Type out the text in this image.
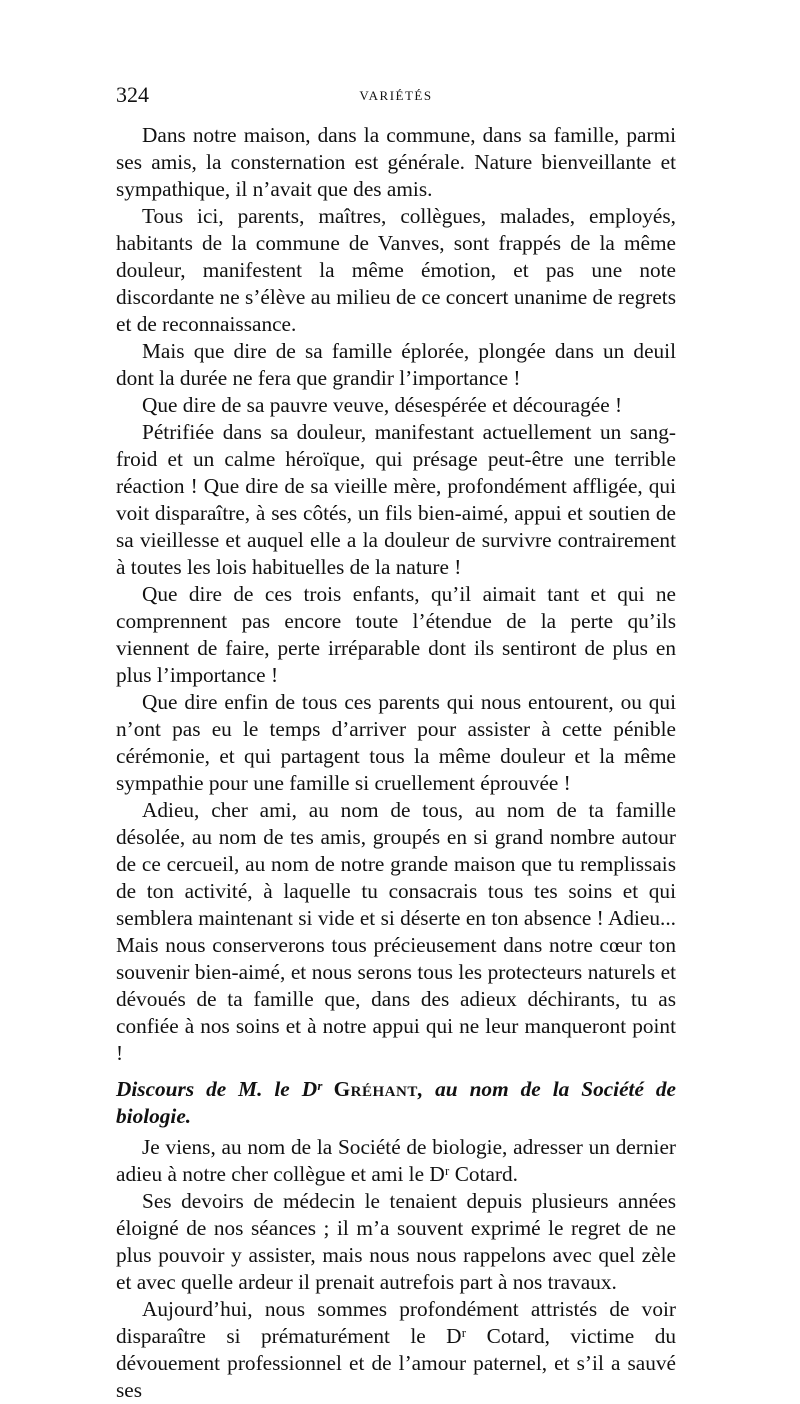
324	VARIÉTÉS

Dans notre maison, dans la commune, dans sa famille, parmi ses amis, la consternation est générale. Nature bienveillante et sympathique, il n’avait que des amis.

Tous ici, parents, maîtres, collègues, malades, employés, habitants de la commune de Vanves, sont frappés de la même douleur, manifestent la même émotion, et pas une note discordante ne s’élève au milieu de ce concert unanime de regrets et de reconnaissance.

Mais que dire de sa famille éplorée, plongée dans un deuil dont la durée ne fera que grandir l’importance !

Que dire de sa pauvre veuve, désespérée et découragée !

Pétrifiée dans sa douleur, manifestant actuellement un sang-froid et un calme héroïque, qui présage peut-être une terrible réaction ! Que dire de sa vieille mère, profondément affligée, qui voit disparaître, à ses côtés, un fils bien-aimé, appui et soutien de sa vieillesse et auquel elle a la douleur de survivre contrairement à toutes les lois habituelles de la nature !

Que dire de ces trois enfants, qu’il aimait tant et qui ne comprennent pas encore toute l’étendue de la perte qu’ils viennent de faire, perte irréparable dont ils sentiront de plus en plus l’importance !

Que dire enfin de tous ces parents qui nous entourent, ou qui n’ont pas eu le temps d’arriver pour assister à cette pénible cérémonie, et qui partagent tous la même douleur et la même sympathie pour une famille si cruellement éprouvée !

Adieu, cher ami, au nom de tous, au nom de ta famille désolée, au nom de tes amis, groupés en si grand nombre autour de ce cercueil, au nom de notre grande maison que tu remplissais de ton activité, à laquelle tu consacrais tous tes soins et qui semblera maintenant si vide et si déserte en ton absence ! Adieu... Mais nous conserverons tous précieusement dans notre cœur ton souvenir bien-aimé, et nous serons tous les protecteurs naturels et dévoués de ta famille que, dans des adieux déchirants, tu as confiée à nos soins et à notre appui qui ne leur manqueront point !

Discours de M. le Dʳ Gréhant, au nom de la Société de biologie.

Je viens, au nom de la Société de biologie, adresser un dernier adieu à notre cher collègue et ami le Dʳ Cotard.

Ses devoirs de médecin le tenaient depuis plusieurs années éloigné de nos séances ; il m’a souvent exprimé le regret de ne plus pouvoir y assister, mais nous nous rappelons avec quel zèle et avec quelle ardeur il prenait autrefois part à nos travaux.

Aujourd’hui, nous sommes profondément attristés de voir disparaître si prématurément le Dʳ Cotard, victime du dévouement professionnel et de l’amour paternel, et s’il a sauvé ses
